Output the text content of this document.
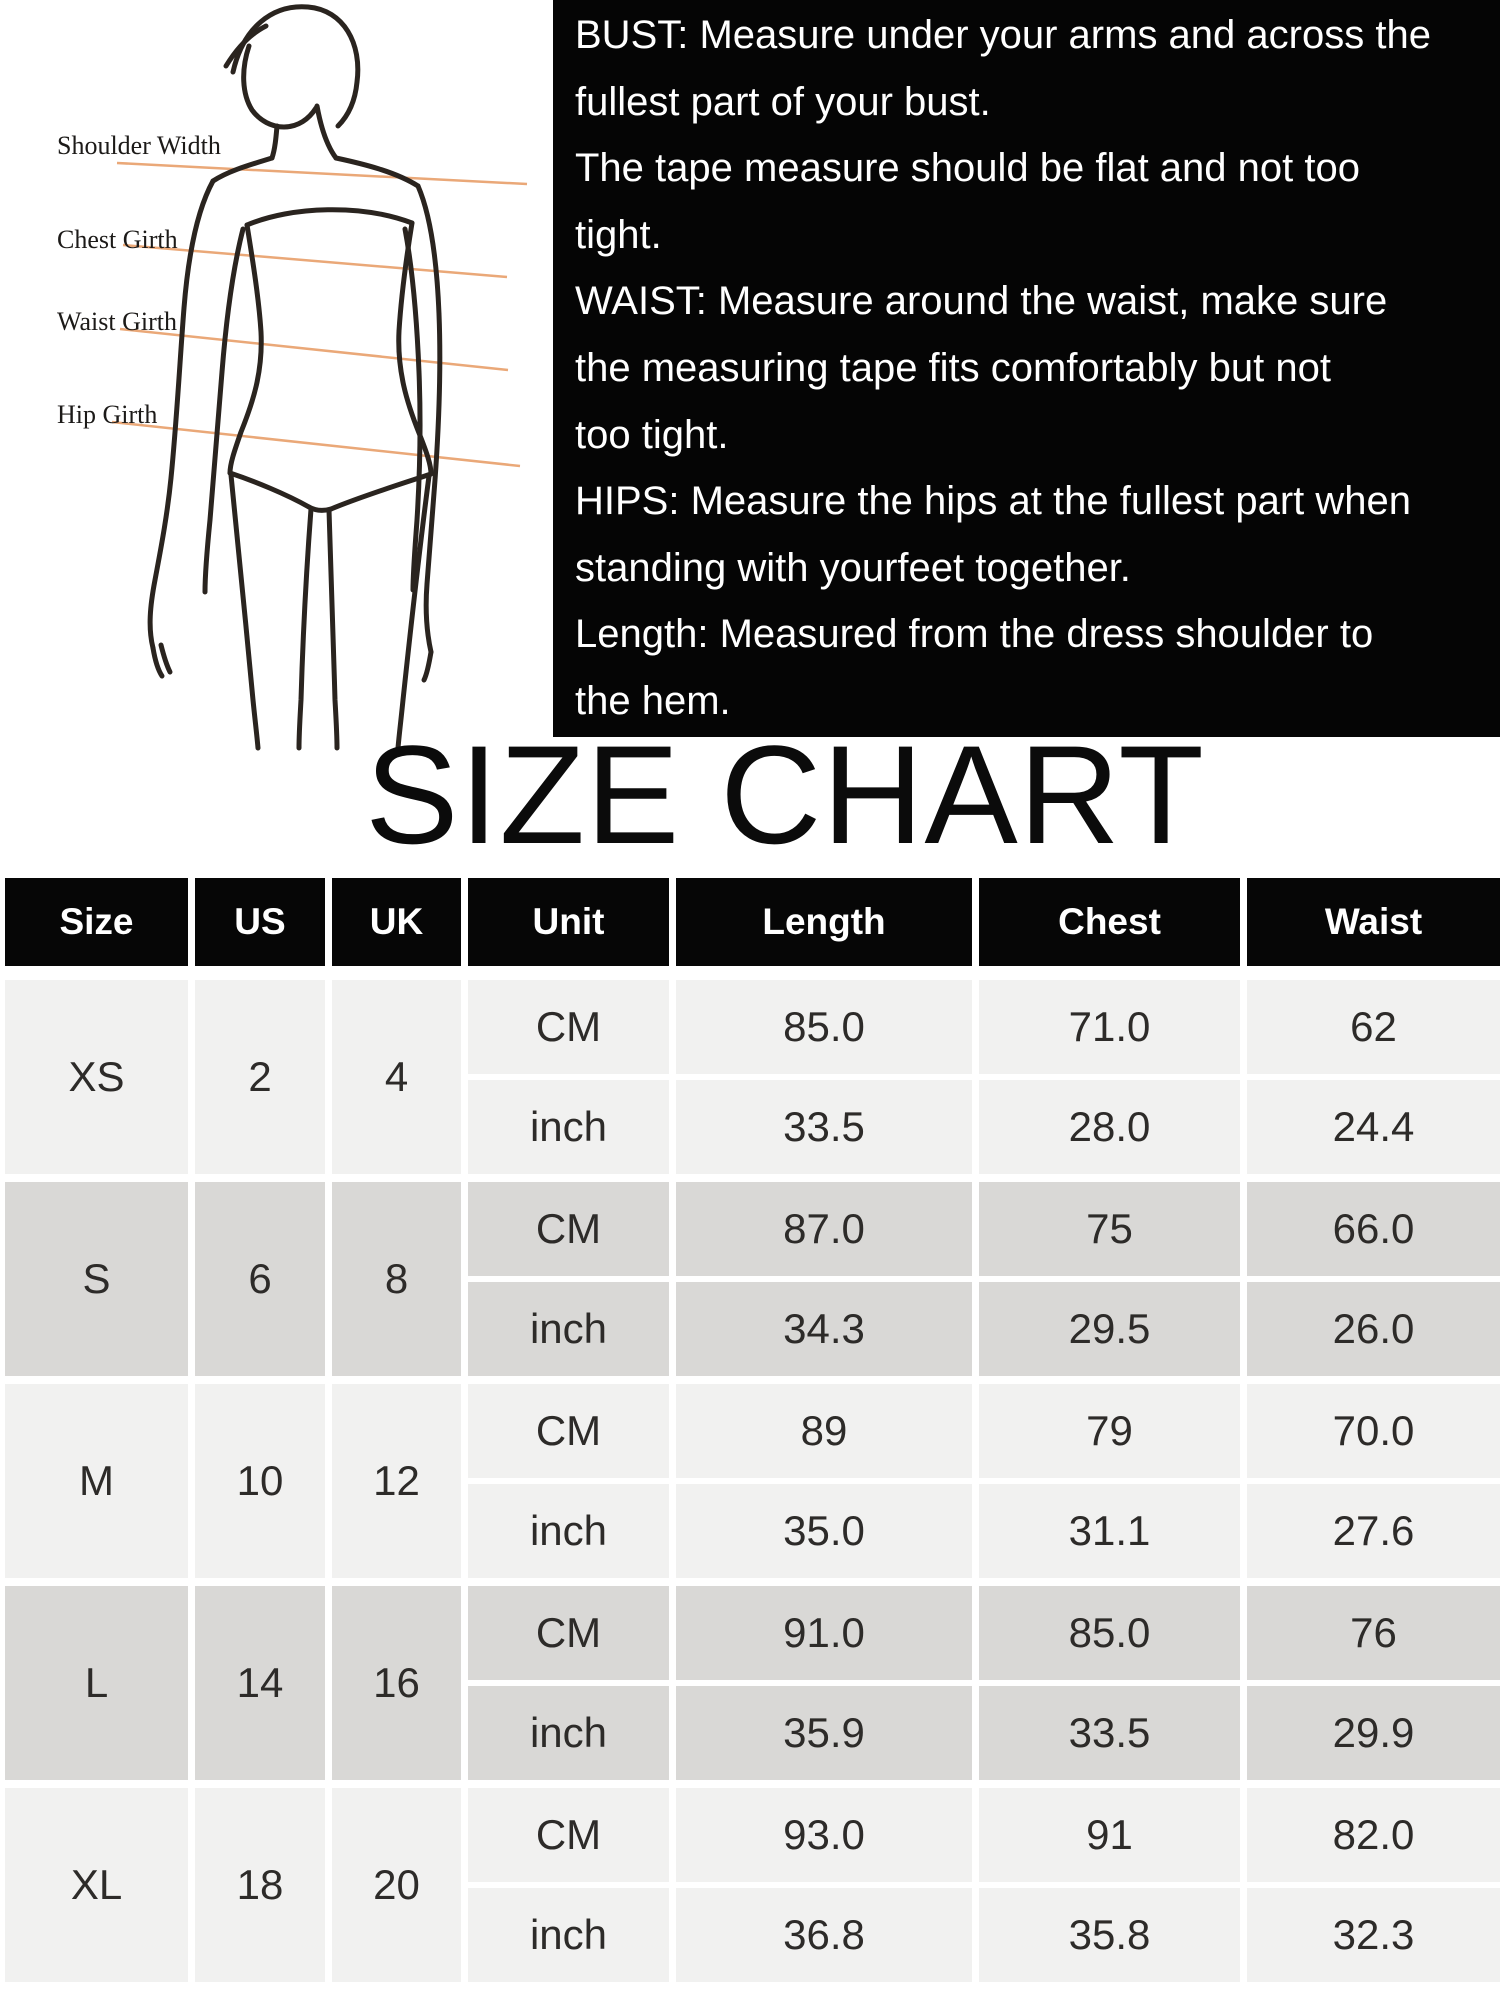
Shoulder Width
Chest Girth
Waist Girth
Hip Girth
BUST: Measure under your arms and across the
fullest part of your bust.
The tape measure should be flat and not too
tight.
WAIST: Measure around the waist, make sure
the measuring tape fits comfortably but not
too tight.
HIPS: Measure the hips at the fullest part when
standing with yourfeet together.
Length: Measured from the dress shoulder to
the hem.
SIZE CHART
Size	US	UK	Unit	Length	Chest	Waist
XS	2	4
CM	85.0	71.0	62
inch	33.5	28.0	24.4
S	6	8
CM	87.0	75	66.0
inch	34.3	29.5	26.0
M	10	12
CM	89	79	70.0
inch	35.0	31.1	27.6
L	14	16
CM	91.0	85.0	76
inch	35.9	33.5	29.9
XL	18	20
CM	93.0	91	82.0
inch	36.8	35.8	32.3
